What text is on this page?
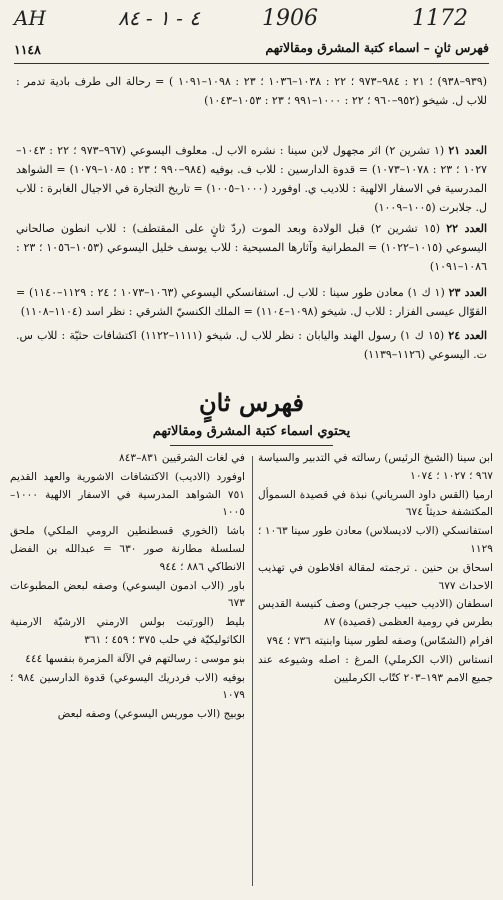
AH	٤ - ١ - ٨٤	1906	1172
١١٤٨	فهرس ثانٍ – اسماء كتبة المشرق ومقالاتهم

(٩٣٩–٩٣٨) ؛ ٢١ : ٩٨٤–٩٧٣ ؛ ٢٢ : ١٠٣٨–١٠٣٦ ؛ ٢٣ : ١٠٩٨–١٠٩١ ) = رحالة الى طرف بادية تدمر : للاب ل. شيخو (٩٥٢–٩٦٠ ؛ ٢٢ : ١٠٠٠–٩٩١ ؛ ٢٣ : ١٠٥٣–١٠٤٣)

العدد ٢١ (١ تشرين ٢) اثر مجهول لابن سينا : نشره الاب ل. معلوف اليسوعي (٩٦٧–٩٧٣ ؛ ٢٢ : ١٠٤٣–١٠٢٧ ؛ ٢٣ : ١٠٧٨–١٠٧٣) = قدوة الدارسين : للاب ف. بوفيه (٩٨٤–٩٩٠ ؛ ٢٣ : ١٠٨٥–١٠٧٩) = الشواهد المدرسية في الاسفار الالهية : للاديب ي. اوفورد (١٠٠٠–١٠٠٥) = تاريخ التجارة في الاجيال الغابرة : للاب ل. جلابرت (١٠٠٥–١٠٠٩)

العدد ٢٢ (١٥ تشرين ٢) قبل الولادة وبعد الموت (ردّ ثانٍ على المقتطف) : للاب انطون صالحاني اليسوعي (١٠١٥–١٠٢٢) = المطرانية وآثارها المسيحية : للاب يوسف خليل اليسوعي (١٠٥٣–١٠٥٦ ؛ ٢٣ : ١٠٨٦–١٠٩١)

العدد ٢٣ (١ ك ١) معادن طور سينا : للاب ل. استفانسكي اليسوعي (١٠٦٣–١٠٧٣ ؛ ٢٤ : ١١٢٩–١١٤٠) = القوّال عيسى الفزار : للاب ل. شيخو (١٠٩٨–١١٠٤) = الملك الكنسيّ الشرقي : نظر اسد (١١٠٤–١١٠٨)

العدد ٢٤ (١٥ ك ١) رسول الهند واليابان : نظر للاب ل. شيخو (١١١١–١١٢٢) اكتشافات حثيّة : للاب س. ت. اليسوعي (١١٢٦–١١٣٩)

فهرس ثانٍ
يحتوي اسماء كتبة المشرق ومقالاتهم

ابن سينا (الشيخ الرئيس) رسالته في التدبير والسياسة ٩٦٧ ؛ ١٠٢٧ ؛ ١٠٧٤

ارميا (القس داود السرياني) نبذة في قصيدة السموأل المكتشفة حديثاً ٦٧٤

استفانسكي (الاب لاديسلاس) معادن طور سينا ١٠٦٣ ؛ ١١٢٩

اسحاق بن حنين . ترجمته لمقالة افلاطون في تهذيب الاحداث ٦٧٧

اسطفان (الاديب حبيب جرجس) وصف كنيسة القديس بطرس في رومية العظمى (قصيدة) ٨٧

افرام (الشمّاس) وصفه لطور سينا وابنيته ٧٣٦ ؛ ٧٩٤

انستاس (الاب الكرملي) المرغ : اصله وشيوعه عند جميع الامم ١٩٣–٢٠٣ كتّاب الكرمليين

في لغات الشرقيين ٨٣١–٨٤٣

اوفورد (الاديب) الاكتشافات الاشورية والعهد القديم ٧٥١ الشواهد المدرسية في الاسفار الالهية ١٠٠٠–١٠٠٥

باشا (الخوري قسطنطين الرومي الملكي) ملحق لسلسلة مطارنة صور ٦٣٠ = عبدالله بن الفضل الانطاكي ٨٨٦ ؛ ٩٤٤

باور (الاب ادمون اليسوعي) وصفه لبعض المطبوعات ٦٧٣

بليط (الورتبت بولس الارمني الارشيّة الارمنية الكاثوليكيّة في حلب ٣٧٥ ؛ ٤٥٩ ؛ ٣٦١

بنو موسى : رسالتهم في الآلة المزمرة بنفسها ٤٤٤

بوفيه (الاب فردريك اليسوعي) قدوة الدارسين ٩٨٤ ؛ ١٠٧٩

بوبيج (الاب موريس اليسوعي) وصفه لبعض
